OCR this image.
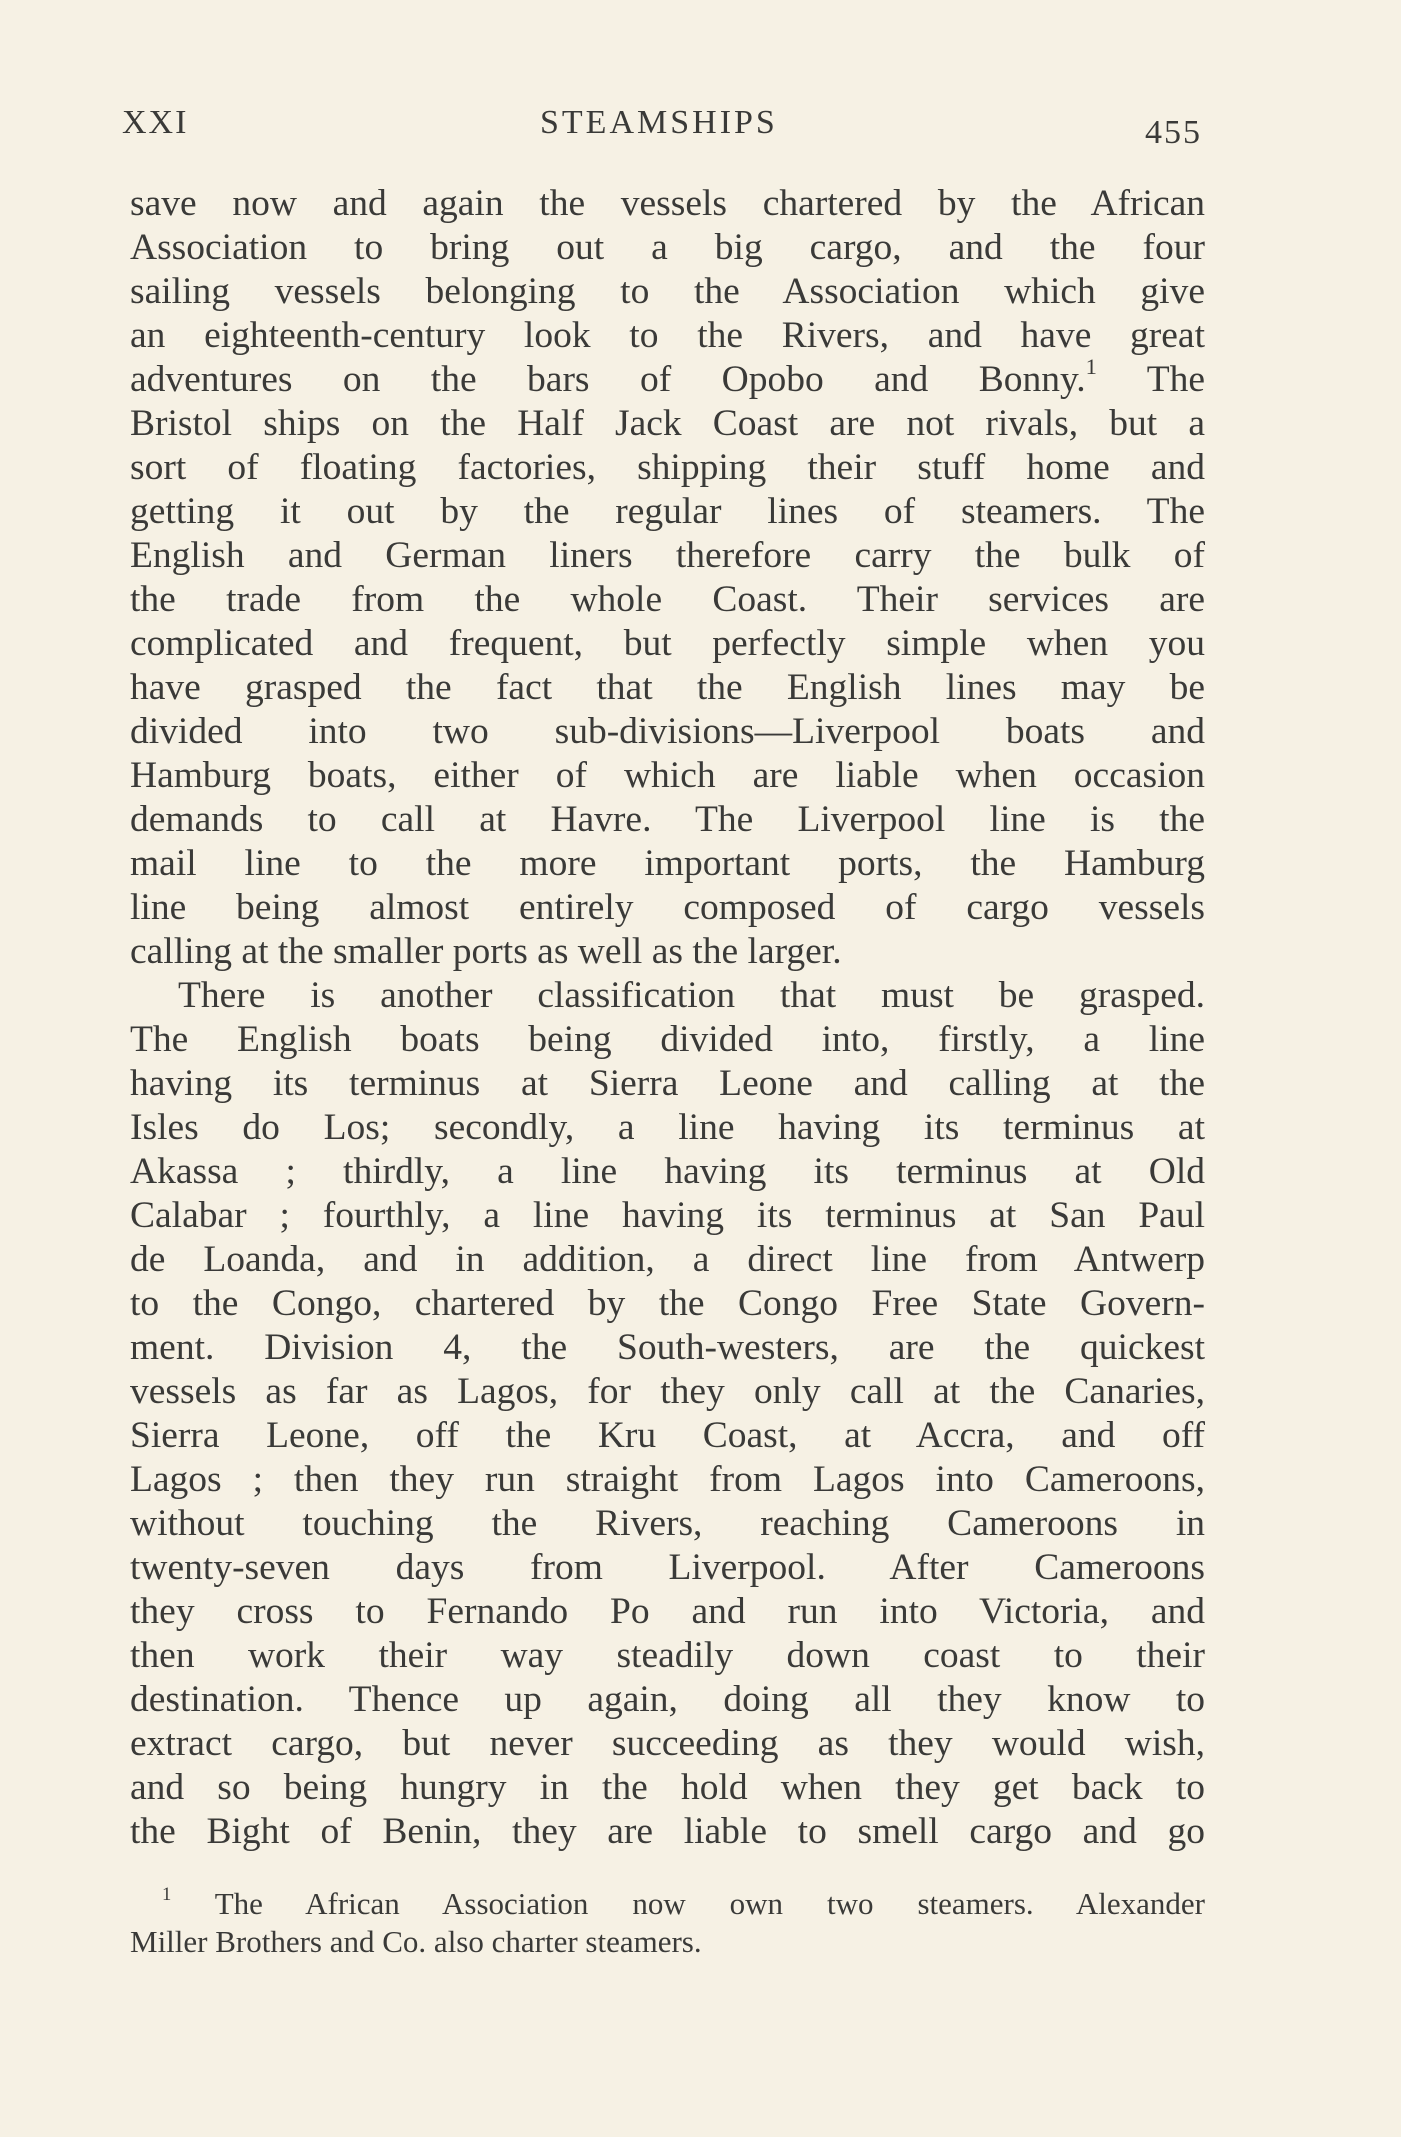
XXI	STEAMSHIPS	455
save now and again the vessels chartered by the African
Association to bring out a big cargo, and the four
sailing vessels belonging to the Association which give
an eighteenth-century look to the Rivers, and have great
adventures on the bars of Opobo and Bonny.$^1$ The
Bristol ships on the Half Jack Coast are not rivals, but a
sort of floating factories, shipping their stuff home and
getting it out by the regular lines of steamers. The
English and German liners therefore carry the bulk of
the trade from the whole Coast. Their services are
complicated and frequent, but perfectly simple when you
have grasped the fact that the English lines may be
divided into two sub-divisions—Liverpool boats and
Hamburg boats, either of which are liable when occasion
demands to call at Havre. The Liverpool line is the
mail line to the more important ports, the Hamburg
line being almost entirely composed of cargo vessels
calling at the smaller ports as well as the larger.
There is another classification that must be grasped.
The English boats being divided into, firstly, a line
having its terminus at Sierra Leone and calling at the
Isles do Los; secondly, a line having its terminus at
Akassa ; thirdly, a line having its terminus at Old
Calabar ; fourthly, a line having its terminus at San Paul
de Loanda, and in addition, a direct line from Antwerp
to the Congo, chartered by the Congo Free State Govern-
ment. Division 4, the South-westers, are the quickest
vessels as far as Lagos, for they only call at the Canaries,
Sierra Leone, off the Kru Coast, at Accra, and off
Lagos ; then they run straight from Lagos into Cameroons,
without touching the Rivers, reaching Cameroons in
twenty-seven days from Liverpool. After Cameroons
they cross to Fernando Po and run into Victoria, and
then work their way steadily down coast to their
destination. Thence up again, doing all they know to
extract cargo, but never succeeding as they would wish,
and so being hungry in the hold when they get back to
the Bight of Benin, they are liable to smell cargo and go
$^1$ The African Association now own two steamers. Alexander
Miller Brothers and Co. also charter steamers.
